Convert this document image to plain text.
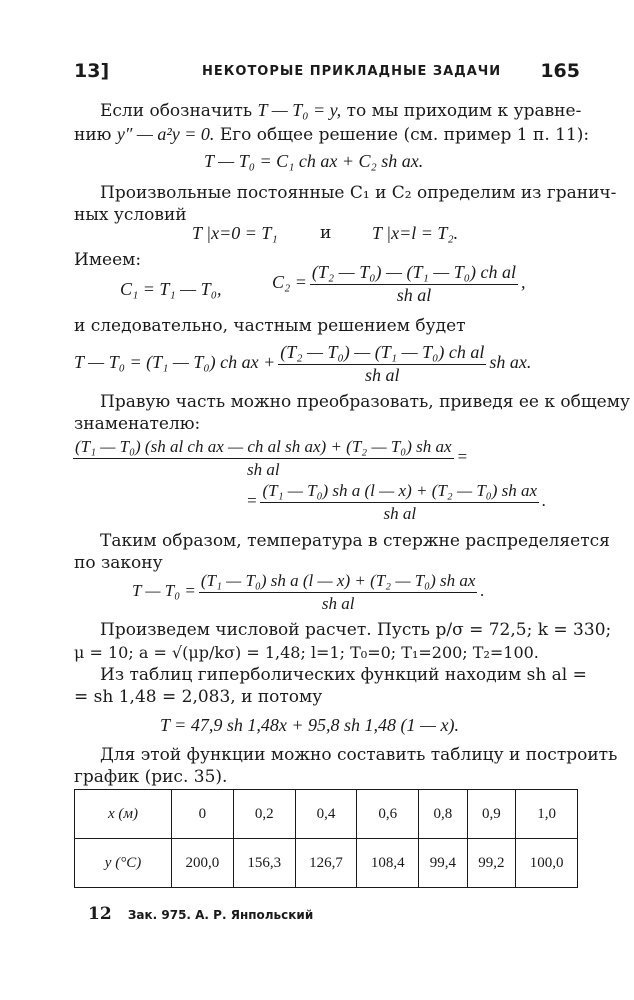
13]	НЕКОТОРЫЕ ПРИКЛАДНЫЕ ЗАДАЧИ 165
Если обозначить T — T₀ = y, то мы приходим к уравне-
нию y″ — a²y = 0. Его общее решение (см. пример 1 п. 11):
T — T₀ = C₁ ch ax + C₂ sh ax.
Произвольные постоянные C₁ и C₂ определим из гранич-
ных условий
T |x=0 = T₁ и T |x=l = T₂.
Имеем:
C₁ = T₁ — T₀,	$C_2 = \frac{\text{(T₂ — T₀) — (T₁ — T₀) ch al}}{\text{sh al}}$ ,
и следовательно, частным решением будет
T — T₀ = (T₁ — T₀) ch ax + $\frac{\text{(T₂ — T₀) — (T₁ — T₀) ch al}}{\text{sh al}}$ sh ax.
Правую часть можно преобразовать, приведя ее к общему
знаменателю:
$\frac{\text{(T₁ — T₀) (sh al ch ax — ch al sh ax) + (T₂ — T₀) sh ax}}{\text{sh al}}$ =
= $\frac{\text{(T₁ — T₀) sh a (l — x) + (T₂ — T₀) sh ax}}{\text{sh al}}$ .
Таким образом, температура в стержне распределяется
по закону
T — $T_0 = \frac{\text{(T₁ — T₀) sh a (l — x) + (T₂ — T₀) sh ax}}{\text{sh al}}$ .
Произведем числовой расчет. Пусть p/σ = 72,5; k = 330;
μ = 10; a = √(μp/kσ) = 1,48; l=1; T₀=0; T₁=200; T₂=100.
Из таблиц гиперболических функций находим sh al =
= sh 1,48 = 2,083, и потому
T = 47,9 sh 1,48x + 95,8 sh 1,48 (1 — x).
Для этой функции можно составить таблицу и построить
график (рис. 35).
x (м)	0	0,2	0,4	0,6	0,8	0,9	1,0
y (°C)	200,0	156,3	126,7	108,4	99,4	99,2	100,0
12 Зак. 975. А. Р. Янпольский
